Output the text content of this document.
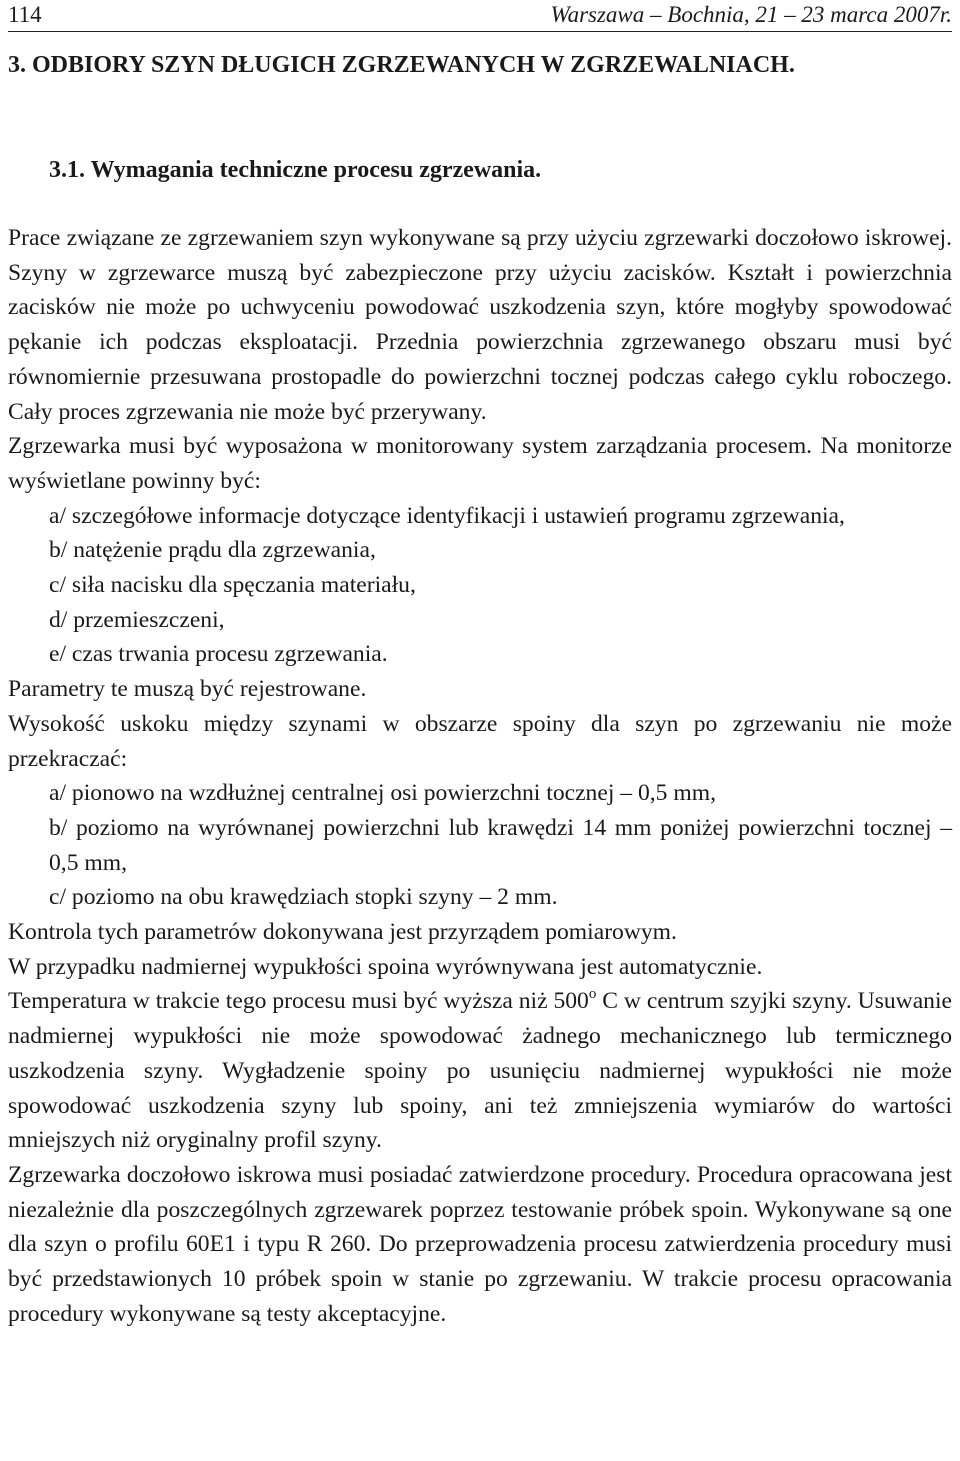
114	Warszawa – Bochnia, 21 – 23 marca 2007r.
3. ODBIORY SZYN DŁUGICH ZGRZEWANYCH W ZGRZEWALNIACH.
3.1. Wymagania techniczne procesu zgrzewania.

Prace związane ze zgrzewaniem szyn wykonywane są przy użyciu zgrzewarki doczołowo iskrowej. Szyny w zgrzewarce muszą być zabezpieczone przy użyciu zacisków. Kształt i powierzchnia zacisków nie może po uchwyceniu powodować uszkodzenia szyn, które mogłyby spowodować pękanie ich podczas eksploatacji. Przednia powierzchnia zgrzewanego obszaru musi być równomiernie przesuwana prostopadle do powierzchni tocznej podczas całego cyklu roboczego. Cały proces zgrzewania nie może być przerywany.

Zgrzewarka musi być wyposażona w monitorowany system zarządzania procesem. Na monitorze wyświetlane powinny być:

a/ szczegółowe informacje dotyczące identyfikacji i ustawień programu zgrzewania,

b/ natężenie prądu dla zgrzewania,

c/ siła nacisku dla spęczania materiału,

d/ przemieszczeni,

e/ czas trwania procesu zgrzewania.

Parametry te muszą być rejestrowane.

Wysokość uskoku między szynami w obszarze spoiny dla szyn po zgrzewaniu nie może przekraczać:

a/ pionowo na wzdłużnej centralnej osi powierzchni tocznej – 0,5 mm,

b/ poziomo na wyrównanej powierzchni lub krawędzi 14 mm poniżej powierzchni tocznej – 0,5 mm,

c/ poziomo na obu krawędziach stopki szyny – 2 mm.

Kontrola tych parametrów dokonywana jest przyrządem pomiarowym.

W przypadku nadmiernej wypukłości spoina wyrównywana jest automatycznie.

Temperatura w trakcie tego procesu musi być wyższa niż 500$^o$ C w centrum szyjki szyny. Usuwanie nadmiernej wypukłości nie może spowodować żadnego mechanicznego lub termicznego uszkodzenia szyny. Wygładzenie spoiny po usunięciu nadmiernej wypukłości nie może spowodować uszkodzenia szyny lub spoiny, ani też zmniejszenia wymiarów do wartości mniejszych niż oryginalny profil szyny.

Zgrzewarka doczołowo iskrowa musi posiadać zatwierdzone procedury. Procedura opracowana jest niezależnie dla poszczególnych zgrzewarek poprzez testowanie próbek spoin. Wykonywane są one dla szyn o profilu 60E1 i typu R 260. Do przeprowadzenia procesu zatwierdzenia procedury musi być przedstawionych 10 próbek spoin w stanie po zgrzewaniu. W trakcie procesu opracowania procedury wykonywane są testy akceptacyjne.
